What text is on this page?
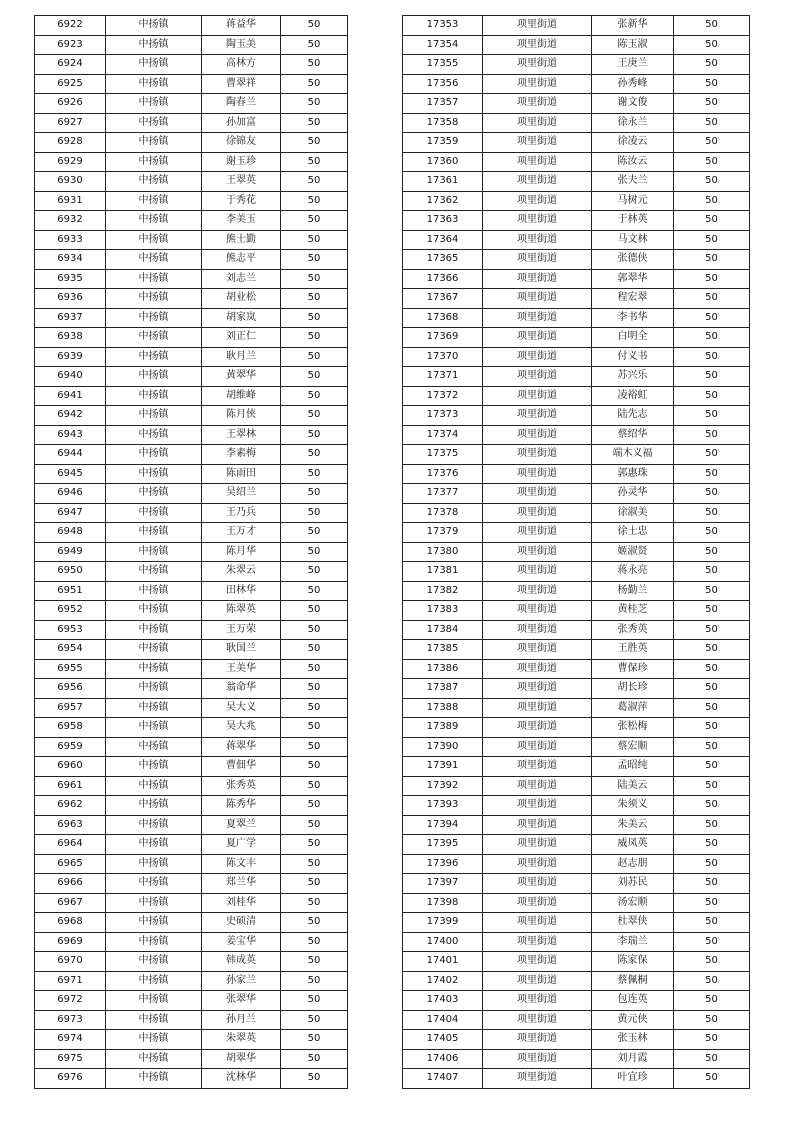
6922	中扬镇	蒋益华	50
6923	中扬镇	陶玉美	50
6924	中扬镇	高林方	50
6925	中扬镇	曹翠祥	50
6926	中扬镇	陶春兰	50
6927	中扬镇	孙加富	50
6928	中扬镇	徐锦友	50
6929	中扬镇	谢玉珍	50
6930	中扬镇	王翠英	50
6931	中扬镇	于秀花	50
6932	中扬镇	李美玉	50
6933	中扬镇	熊士勤	50
6934	中扬镇	熊志平	50
6935	中扬镇	刘志兰	50
6936	中扬镇	胡业松	50
6937	中扬镇	胡家岚	50
6938	中扬镇	刘正仁	50
6939	中扬镇	耿月兰	50
6940	中扬镇	黄翠华	50
6941	中扬镇	胡维峰	50
6942	中扬镇	陈月侠	50
6943	中扬镇	王翠林	50
6944	中扬镇	李素梅	50
6945	中扬镇	陈雨田	50
6946	中扬镇	吴绍兰	50
6947	中扬镇	王乃兵	50
6948	中扬镇	王万才	50
6949	中扬镇	陈月华	50
6950	中扬镇	朱翠云	50
6951	中扬镇	田林华	50
6952	中扬镇	陈翠英	50
6953	中扬镇	王万荣	50
6954	中扬镇	耿国兰	50
6955	中扬镇	王美华	50
6956	中扬镇	翁命华	50
6957	中扬镇	吴大义	50
6958	中扬镇	吴大兆	50
6959	中扬镇	蒋翠华	50
6960	中扬镇	曹佃华	50
6961	中扬镇	张秀英	50
6962	中扬镇	陈秀华	50
6963	中扬镇	夏翠兰	50
6964	中扬镇	夏广学	50
6965	中扬镇	陈文丰	50
6966	中扬镇	郑兰华	50
6967	中扬镇	刘桂华	50
6968	中扬镇	史硕清	50
6969	中扬镇	姜宝华	50
6970	中扬镇	韩成英	50
6971	中扬镇	孙家兰	50
6972	中扬镇	张翠华	50
6973	中扬镇	孙月兰	50
6974	中扬镇	朱翠英	50
6975	中扬镇	胡翠华	50
6976	中扬镇	沈林华	50
17353	项里街道	张新华	50
17354	项里街道	陈玉淑	50
17355	项里街道	王庚兰	50
17356	项里街道	孙秀峰	50
17357	项里街道	谢文俊	50
17358	项里街道	徐永兰	50
17359	项里街道	徐凌云	50
17360	项里街道	陈汝云	50
17361	项里街道	张夫兰	50
17362	项里街道	马树元	50
17363	项里街道	于林英	50
17364	项里街道	马文林	50
17365	项里街道	张德侠	50
17366	项里街道	郭翠华	50
17367	项里街道	程宏翠	50
17368	项里街道	李书华	50
17369	项里街道	白明全	50
17370	项里街道	付义书	50
17371	项里街道	苏兴乐	50
17372	项里街道	凌裕虹	50
17373	项里街道	陆先志	50
17374	项里街道	蔡绍华	50
17375	项里街道	端木义福	50
17376	项里街道	郭惠珠	50
17377	项里街道	孙灵华	50
17378	项里街道	徐淑美	50
17379	项里街道	徐士忠	50
17380	项里街道	姬淑贤	50
17381	项里街道	蒋永亮	50
17382	项里街道	杨勤兰	50
17383	项里街道	黄桂芝	50
17384	项里街道	张秀英	50
17385	项里街道	王胜英	50
17386	项里街道	曹保珍	50
17387	项里街道	胡长珍	50
17388	项里街道	葛淑萍	50
17389	项里街道	张松梅	50
17390	项里街道	蔡宏顺	50
17391	项里街道	孟昭纯	50
17392	项里街道	陆美云	50
17393	项里街道	朱须义	50
17394	项里街道	朱美云	50
17395	项里街道	威凤英	50
17396	项里街道	赵志朋	50
17397	项里街道	刘苏民	50
17398	项里街道	汤宏顺	50
17399	项里街道	杜翠侠	50
17400	项里街道	李瑞兰	50
17401	项里街道	陈家保	50
17402	项里街道	蔡佩桐	50
17403	项里街道	包连英	50
17404	项里街道	黄元侠	50
17405	项里街道	张玉林	50
17406	项里街道	刘月霞	50
17407	项里街道	叶宜珍	50
